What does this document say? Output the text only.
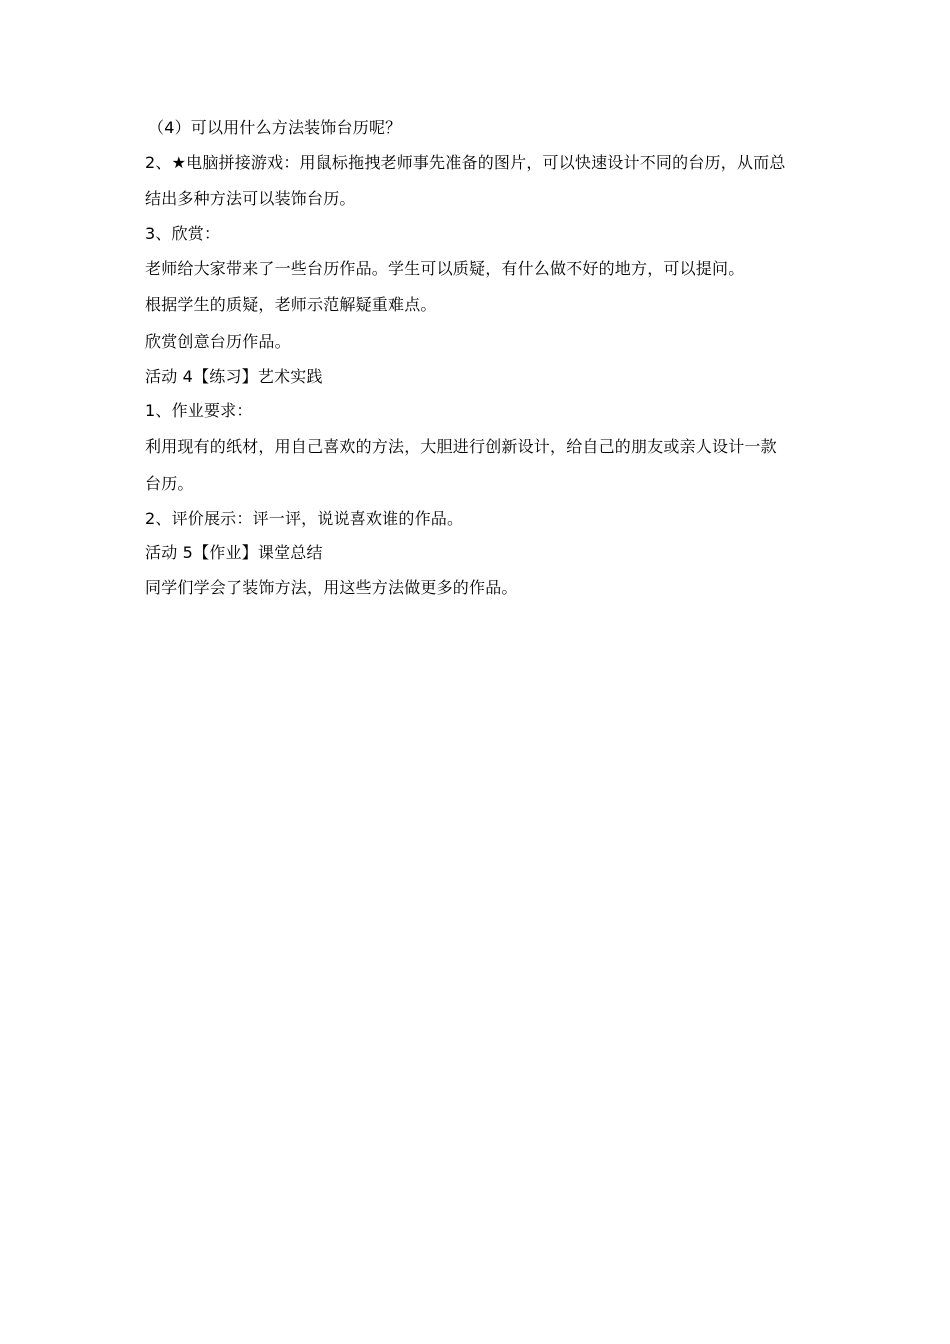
（4）可以用什么方法装饰台历呢？
2、★电脑拼接游戏：用鼠标拖拽老师事先准备的图片，可以快速设计不同的台历，从而总
结出多种方法可以装饰台历。
3、欣赏：
老师给大家带来了一些台历作品。学生可以质疑，有什么做不好的地方，可以提问。
根据学生的质疑，老师示范解疑重难点。
欣赏创意台历作品。
活动 4【练习】艺术实践
1、作业要求：
利用现有的纸材，用自己喜欢的方法，大胆进行创新设计，给自己的朋友或亲人设计一款
台历。
2、评价展示：评一评，说说喜欢谁的作品。
活动 5【作业】课堂总结
同学们学会了装饰方法，用这些方法做更多的作品。
